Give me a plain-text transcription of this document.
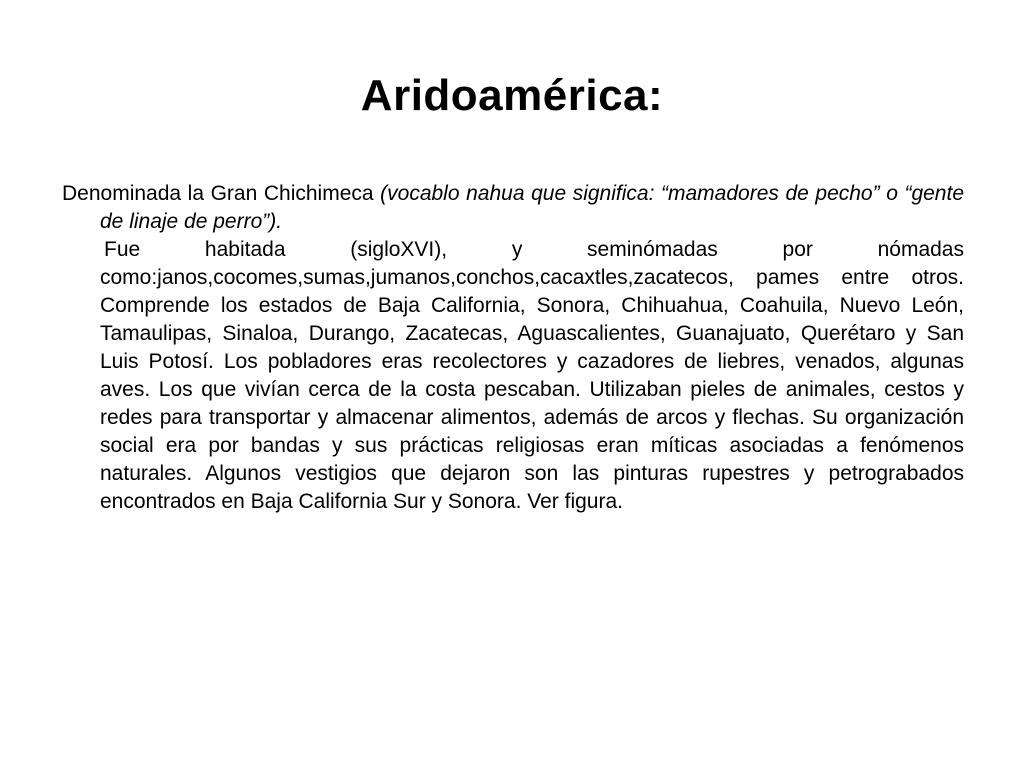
Aridoamérica:

Denominada la Gran Chichimeca (vocablo nahua que significa: “mamadores de pecho” o “gente de linaje de perro”).

Fue habitada (sigloXVI), y seminómadas por nómadas como:janos,cocomes,sumas,jumanos,conchos,cacaxtles,zacatecos, pames entre otros. Comprende los estados de Baja California, Sonora, Chihuahua, Coahuila, Nuevo León, Tamaulipas, Sinaloa, Durango, Zacatecas, Aguascalientes, Guanajuato, Querétaro y San Luis Potosí. Los pobladores eras recolectores y cazadores de liebres, venados, algunas aves. Los que vivían cerca de la costa pescaban. Utilizaban pieles de animales, cestos y redes para transportar y almacenar alimentos, además de arcos y flechas. Su organización social era por bandas y sus prácticas religiosas eran míticas asociadas a fenómenos naturales. Algunos vestigios que dejaron son las pinturas rupestres y petrograbados encontrados en Baja California Sur y Sonora. Ver figura.
